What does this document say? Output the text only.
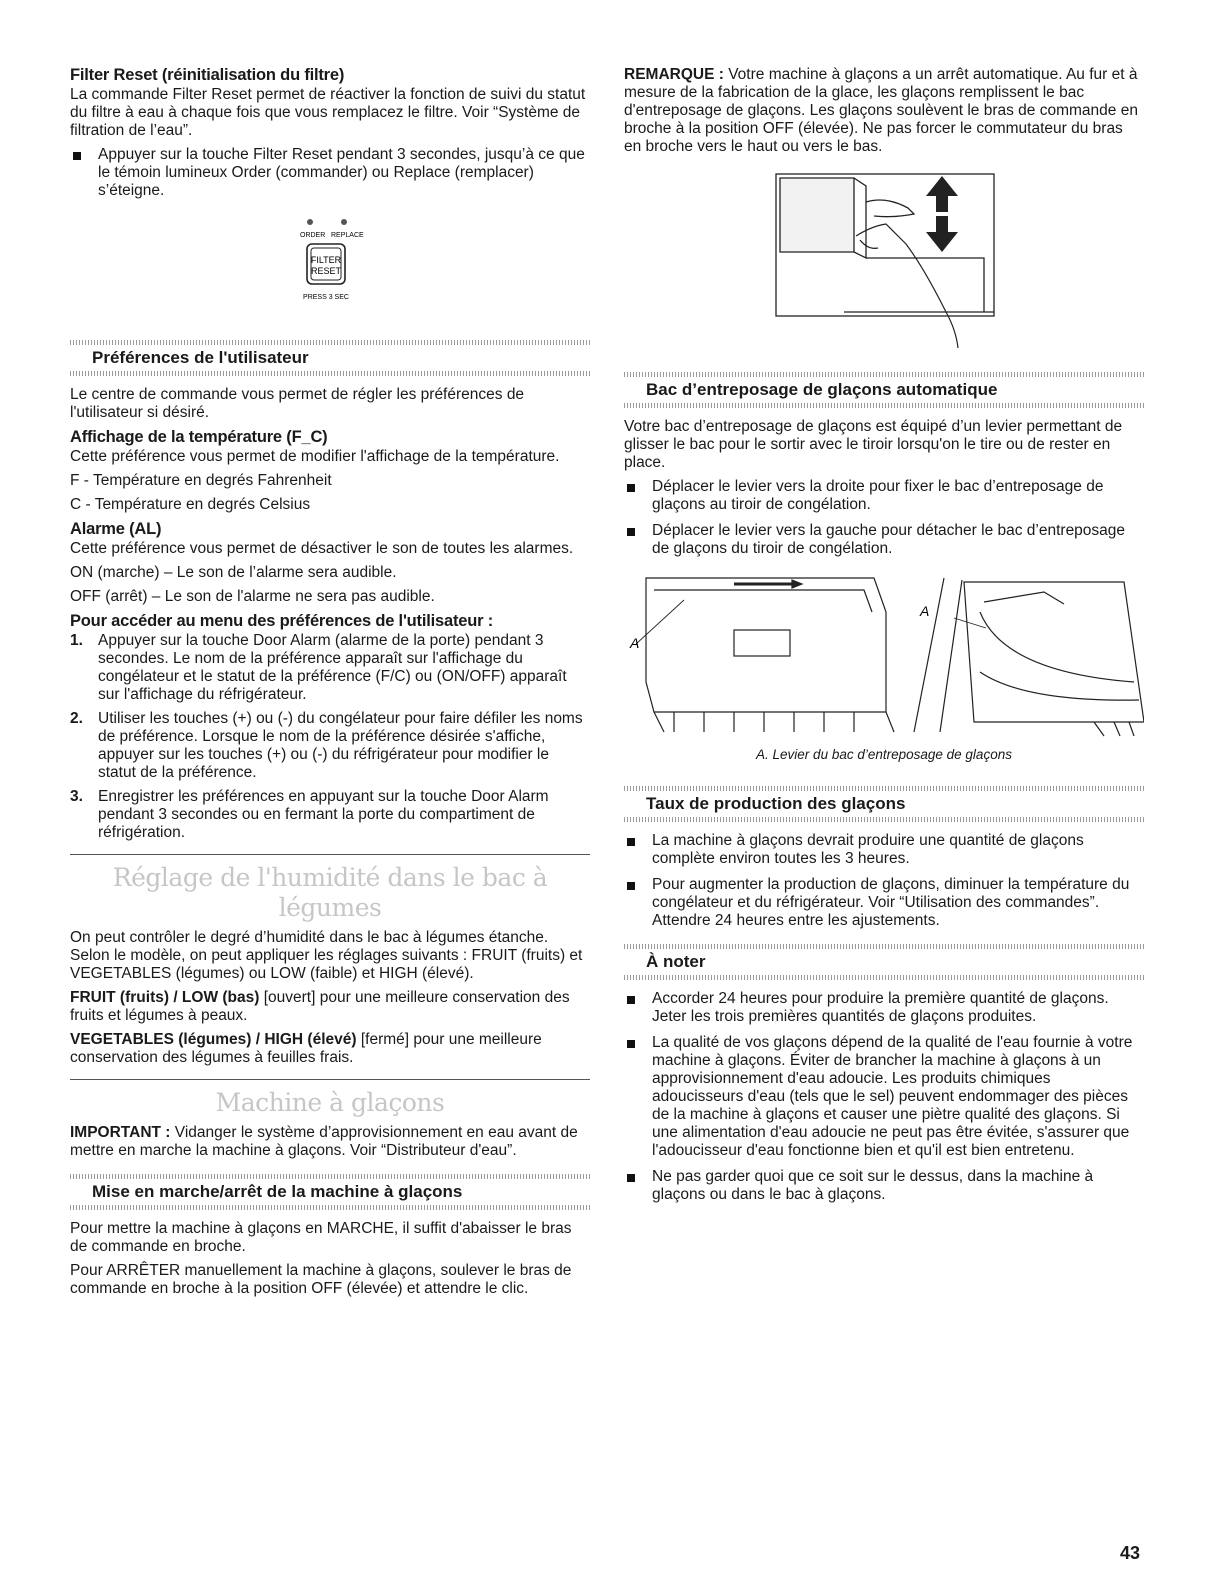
Filter Reset (réinitialisation du filtre)

La commande Filter Reset permet de réactiver la fonction de suivi du statut du filtre à eau à chaque fois que vous remplacez le filtre. Voir “Système de filtration de l’eau”.

Appuyer sur la touche Filter Reset pendant 3 secondes, jusqu’à ce que le témoin lumineux Order (commander) ou Replace (remplacer) s’éteigne.
ORDER REPLACE
FILTER
RESET
PRESS 3 SEC
Préférences de l'utilisateur

Le centre de commande vous permet de régler les préférences de l'utilisateur si désiré.

Affichage de la température (F_C)

Cette préférence vous permet de modifier l'affichage de la température.

F - Température en degrés Fahrenheit

C - Température en degrés Celsius

Alarme (AL)

Cette préférence vous permet de désactiver le son de toutes les alarmes.

ON (marche) – Le son de l’alarme sera audible.

OFF (arrêt) – Le son de l'alarme ne sera pas audible.

Pour accéder au menu des préférences de l'utilisateur :
1. Appuyer sur la touche Door Alarm (alarme de la porte) pendant 3 secondes. Le nom de la préférence apparaît sur l'affichage du congélateur et le statut de la préférence (F/C) ou (ON/OFF) apparaît sur l'affichage du réfrigérateur.
2. Utiliser les touches (+) ou (-) du congélateur pour faire défiler les noms de préférence. Lorsque le nom de la préférence désirée s'affiche, appuyer sur les touches (+) ou (-) du réfrigérateur pour modifier le statut de la préférence.
3. Enregistrer les préférences en appuyant sur la touche Door Alarm pendant 3 secondes ou en fermant la porte du compartiment de réfrigération.
Réglage de l'humidité dans le bac à légumes

On peut contrôler le degré d’humidité dans le bac à légumes étanche. Selon le modèle, on peut appliquer les réglages suivants : FRUIT (fruits) et VEGETABLES (légumes) ou LOW (faible) et HIGH (élevé).

FRUIT (fruits) / LOW (bas) [ouvert] pour une meilleure conservation des fruits et légumes à peaux.

VEGETABLES (légumes) / HIGH (élevé) [fermé] pour une meilleure conservation des légumes à feuilles frais.

Machine à glaçons

IMPORTANT : Vidanger le système d’approvisionnement en eau avant de mettre en marche la machine à glaçons. Voir “Distributeur d'eau”.

Mise en marche/arrêt de la machine à glaçons

Pour mettre la machine à glaçons en MARCHE, il suffit d'abaisser le bras de commande en broche.

Pour ARRÊTER manuellement la machine à glaçons, soulever le bras de commande en broche à la position OFF (élevée) et attendre le clic.

REMARQUE : Votre machine à glaçons a un arrêt automatique. Au fur et à mesure de la fabrication de la glace, les glaçons remplissent le bac d'entreposage de glaçons. Les glaçons soulèvent le bras de commande en broche à la position OFF (élevée). Ne pas forcer le commutateur du bras en broche vers le haut ou vers le bas.

Bac d’entreposage de glaçons automatique

Votre bac d’entreposage de glaçons est équipé d’un levier permettant de glisser le bac pour le sortir avec le tiroir lorsqu'on le tire ou de rester en place.

Déplacer le levier vers la droite pour fixer le bac d’entreposage de glaçons au tiroir de congélation.
Déplacer le levier vers la gauche pour détacher le bac d’entreposage de glaçons du tiroir de congélation.
A
A

A. Levier du bac d’entreposage de glaçons

Taux de production des glaçons
La machine à glaçons devrait produire une quantité de glaçons complète environ toutes les 3 heures.
Pour augmenter la production de glaçons, diminuer la température du congélateur et du réfrigérateur. Voir “Utilisation des commandes”. Attendre 24 heures entre les ajustements.
À noter
Accorder 24 heures pour produire la première quantité de glaçons. Jeter les trois premières quantités de glaçons produites.
La qualité de vos glaçons dépend de la qualité de l'eau fournie à votre machine à glaçons. Éviter de brancher la machine à glaçons à un approvisionnement d'eau adoucie. Les produits chimiques adoucisseurs d'eau (tels que le sel) peuvent endommager des pièces de la machine à glaçons et causer une piètre qualité des glaçons. Si une alimentation d'eau adoucie ne peut pas être évitée, s'assurer que l'adoucisseur d'eau fonctionne bien et qu'il est bien entretenu.
Ne pas garder quoi que ce soit sur le dessus, dans la machine à glaçons ou dans le bac à glaçons.
43
